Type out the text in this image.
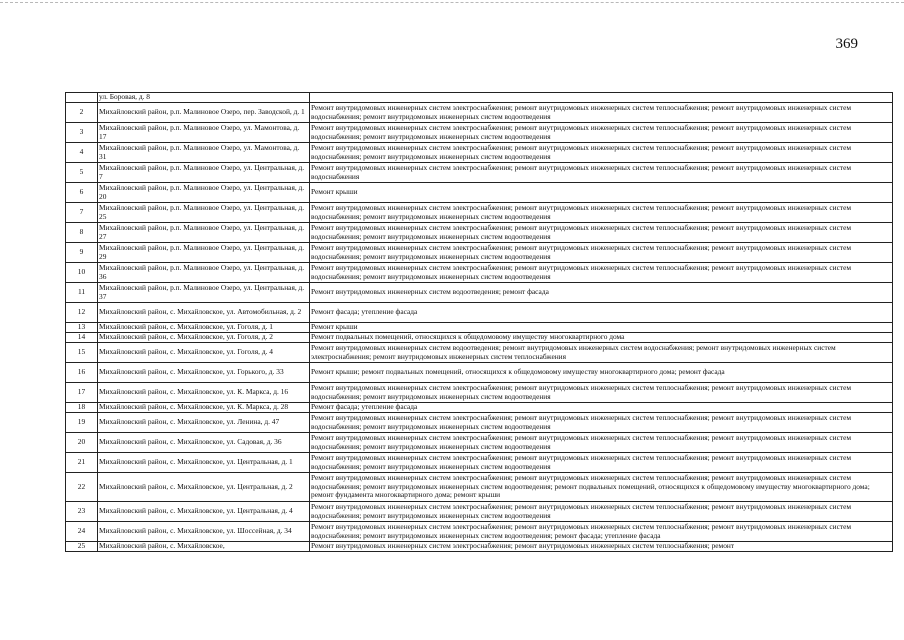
369
	ул. Боровая, д. 8	
2	Михайловский район, р.п. Малиновое Озеро, пер. Заводской, д. 1	Ремонт внутридомовых инженерных систем электроснабжения; ремонт внутридомовых инженерных систем теплоснабжения; ремонт внутридомовых инженерных систем водоснабжения; ремонт внутридомовых инженерных систем водоотведения
3	Михайловский район, р.п. Малиновое Озеро, ул. Мамонтова, д. 17	Ремонт внутридомовых инженерных систем электроснабжения; ремонт внутридомовых инженерных систем теплоснабжения; ремонт внутридомовых инженерных систем водоснабжения; ремонт внутридомовых инженерных систем водоотведения
4	Михайловский район, р.п. Малиновое Озеро, ул. Мамонтова, д. 31	Ремонт внутридомовых инженерных систем электроснабжения; ремонт внутридомовых инженерных систем теплоснабжения; ремонт внутридомовых инженерных систем водоснабжения; ремонт внутридомовых инженерных систем водоотведения
5	Михайловский район, р.п. Малиновое Озеро, ул. Центральная, д. 7	Ремонт внутридомовых инженерных систем электроснабжения; ремонт внутридомовых инженерных систем теплоснабжения; ремонт внутридомовых инженерных систем водоснабжения
6	Михайловский район, р.п. Малиновое Озеро, ул. Центральная, д. 20	Ремонт крыши
7	Михайловский район, р.п. Малиновое Озеро, ул. Центральная, д. 25	Ремонт внутридомовых инженерных систем электроснабжения; ремонт внутридомовых инженерных систем теплоснабжения; ремонт внутридомовых инженерных систем водоснабжения; ремонт внутридомовых инженерных систем водоотведения
8	Михайловский район, р.п. Малиновое Озеро, ул. Центральная, д. 27	Ремонт внутридомовых инженерных систем электроснабжения; ремонт внутридомовых инженерных систем теплоснабжения; ремонт внутридомовых инженерных систем водоснабжения; ремонт внутридомовых инженерных систем водоотведения
9	Михайловский район, р.п. Малиновое Озеро, ул. Центральная, д. 29	Ремонт внутридомовых инженерных систем электроснабжения; ремонт внутридомовых инженерных систем теплоснабжения; ремонт внутридомовых инженерных систем водоснабжения; ремонт внутридомовых инженерных систем водоотведения
10	Михайловский район, р.п. Малиновое Озеро, ул. Центральная, д. 36	Ремонт внутридомовых инженерных систем электроснабжения; ремонт внутридомовых инженерных систем теплоснабжения; ремонт внутридомовых инженерных систем водоснабжения; ремонт внутридомовых инженерных систем водоотведения
11	Михайловский район, р.п. Малиновое Озеро, ул. Центральная, д. 37	Ремонт внутридомовых инженерных систем водоотведения; ремонт фасада
12	Михайловский район, с. Михайловское, ул. Автомобильная, д. 2	Ремонт фасада; утепление фасада
13	Михайловский район, с. Михайловское, ул. Гоголя, д. 1	Ремонт крыши
14	Михайловский район, с. Михайловское, ул. Гоголя, д. 2	Ремонт подвальных помещений, относящихся к общедомовому имуществу многоквартирного дома
15	Михайловский район, с. Михайловское, ул. Гоголя, д. 4	Ремонт внутридомовых инженерных систем водоотведения; ремонт внутридомовых инженерных систем водоснабжения; ремонт внутридомовых инженерных систем электроснабжения; ремонт внутридомовых инженерных систем теплоснабжения
16	Михайловский район, с. Михайловское, ул. Горького, д. 33	Ремонт крыши; ремонт подвальных помещений, относящихся к общедомовому имуществу многоквартирного дома; ремонт фасада
17	Михайловский район, с. Михайловское, ул. К. Маркса, д. 16	Ремонт внутридомовых инженерных систем электроснабжения; ремонт внутридомовых инженерных систем теплоснабжения; ремонт внутридомовых инженерных систем водоснабжения; ремонт внутридомовых инженерных систем водоотведения
18	Михайловский район, с. Михайловское, ул. К. Маркса, д. 28	Ремонт фасада; утепление фасада
19	Михайловский район, с. Михайловское, ул. Ленина, д. 47	Ремонт внутридомовых инженерных систем электроснабжения; ремонт внутридомовых инженерных систем теплоснабжения; ремонт внутридомовых инженерных систем водоснабжения; ремонт внутридомовых инженерных систем водоотведения
20	Михайловский район, с. Михайловское, ул. Садовая, д. 36	Ремонт внутридомовых инженерных систем электроснабжения; ремонт внутридомовых инженерных систем теплоснабжения; ремонт внутридомовых инженерных систем водоснабжения; ремонт внутридомовых инженерных систем водоотведения
21	Михайловский район, с. Михайловское, ул. Центральная, д. 1	Ремонт внутридомовых инженерных систем электроснабжения; ремонт внутридомовых инженерных систем теплоснабжения; ремонт внутридомовых инженерных систем водоснабжения; ремонт внутридомовых инженерных систем водоотведения
22	Михайловский район, с. Михайловское, ул. Центральная, д. 2	Ремонт внутридомовых инженерных систем электроснабжения; ремонт внутридомовых инженерных систем теплоснабжения; ремонт внутридомовых инженерных систем водоснабжения; ремонт внутридомовых инженерных систем водоотведения; ремонт подвальных помещений, относящихся к общедомовому имуществу многоквартирного дома; ремонт фундамента многоквартирного дома; ремонт крыши
23	Михайловский район, с. Михайловское, ул. Центральная, д. 4	Ремонт внутридомовых инженерных систем электроснабжения; ремонт внутридомовых инженерных систем теплоснабжения; ремонт внутридомовых инженерных систем водоснабжения; ремонт внутридомовых инженерных систем водоотведения
24	Михайловский район, с. Михайловское, ул. Шоссейная, д. 34	Ремонт внутридомовых инженерных систем электроснабжения; ремонт внутридомовых инженерных систем теплоснабжения; ремонт внутридомовых инженерных систем водоснабжения; ремонт внутридомовых инженерных систем водоотведения; ремонт фасада; утепление фасада
25	Михайловский район, с. Михайловское,	Ремонт внутридомовых инженерных систем электроснабжения; ремонт внутридомовых инженерных систем теплоснабжения; ремонт
